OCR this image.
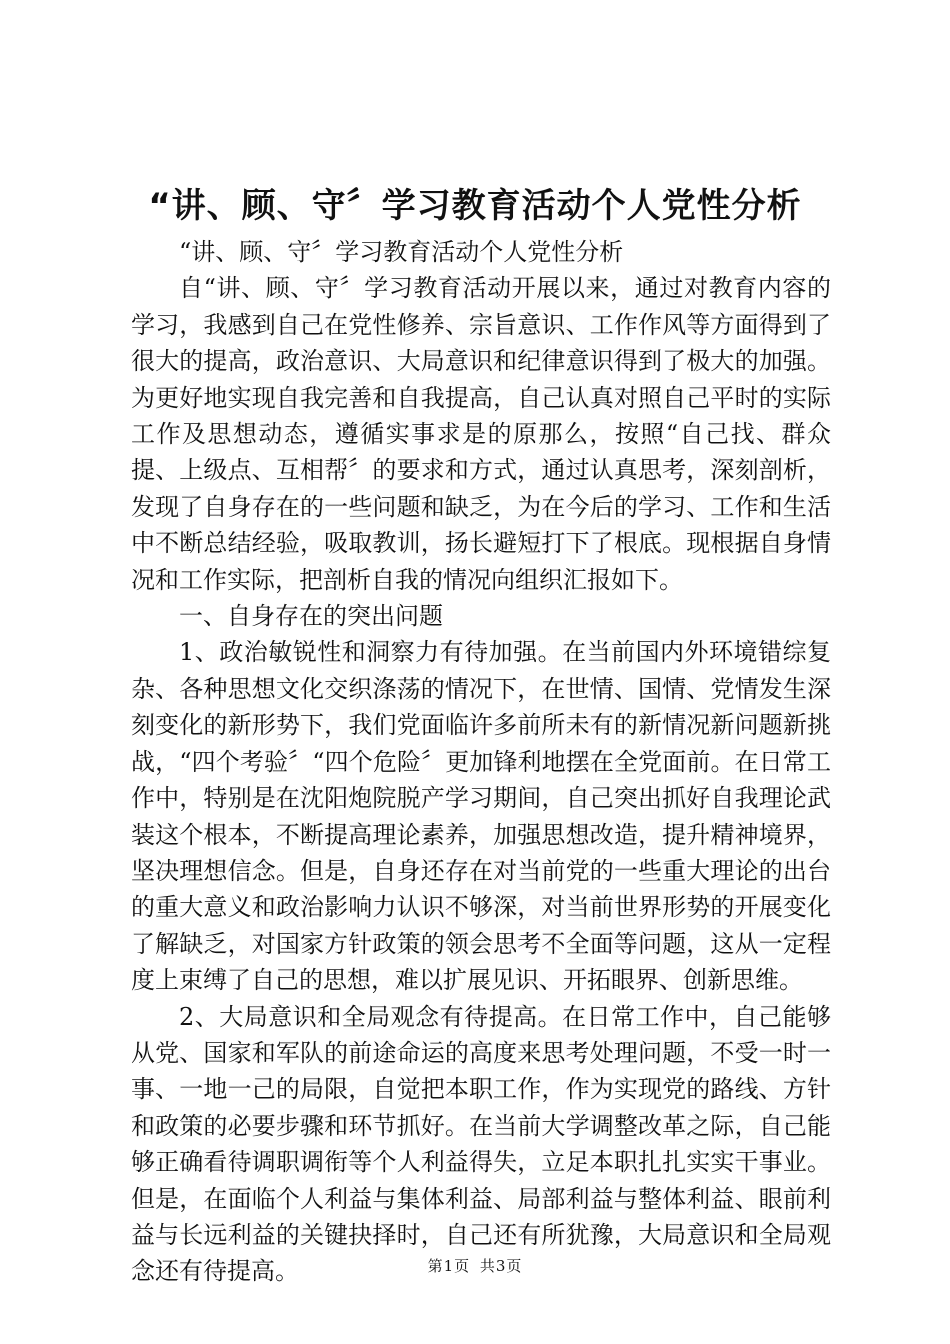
“讲、顾、守〞学习教育活动个人党性分析

“讲、顾、守〞学习教育活动个人党性分析

自“讲、顾、守〞学习教育活动开展以来，通过对教育内容的学习，我感到自己在党性修养、宗旨意识、工作作风等方面得到了很大的提高，政治意识、大局意识和纪律意识得到了极大的加强。为更好地实现自我完善和自我提高，自己认真对照自己平时的实际工作及思想动态，遵循实事求是的原那么，按照“自己找、群众提、上级点、互相帮〞的要求和方式，通过认真思考，深刻剖析，发现了自身存在的一些问题和缺乏，为在今后的学习、工作和生活中不断总结经验，吸取教训，扬长避短打下了根底。现根据自身情况和工作实际，把剖析自我的情况向组织汇报如下。

一、自身存在的突出问题

1、政治敏锐性和洞察力有待加强。在当前国内外环境错综复杂、各种思想文化交织涤荡的情况下，在世情、国情、党情发生深刻变化的新形势下，我们党面临许多前所未有的新情况新问题新挑战，“四个考验〞“四个危险〞更加锋利地摆在全党面前。在日常工作中，特别是在沈阳炮院脱产学习期间，自己突出抓好自我理论武装这个根本，不断提高理论素养，加强思想改造，提升精神境界，坚决理想信念。但是，自身还存在对当前党的一些重大理论的出台的重大意义和政治影响力认识不够深，对当前世界形势的开展变化了解缺乏，对国家方针政策的领会思考不全面等问题，这从一定程度上束缚了自己的思想，难以扩展见识、开拓眼界、创新思维。

2、大局意识和全局观念有待提高。在日常工作中，自己能够从党、国家和军队的前途命运的高度来思考处理问题，不受一时一事、一地一己的局限，自觉把本职工作，作为实现党的路线、方针和政策的必要步骤和环节抓好。在当前大学调整改革之际，自己能够正确看待调职调衔等个人利益得失，立足本职扎扎实实干事业。但是，在面临个人利益与集体利益、局部利益与整体利益、眼前利益与长远利益的关键抉择时，自己还有所犹豫，大局意识和全局观念还有待提高。	第1页 共3页
